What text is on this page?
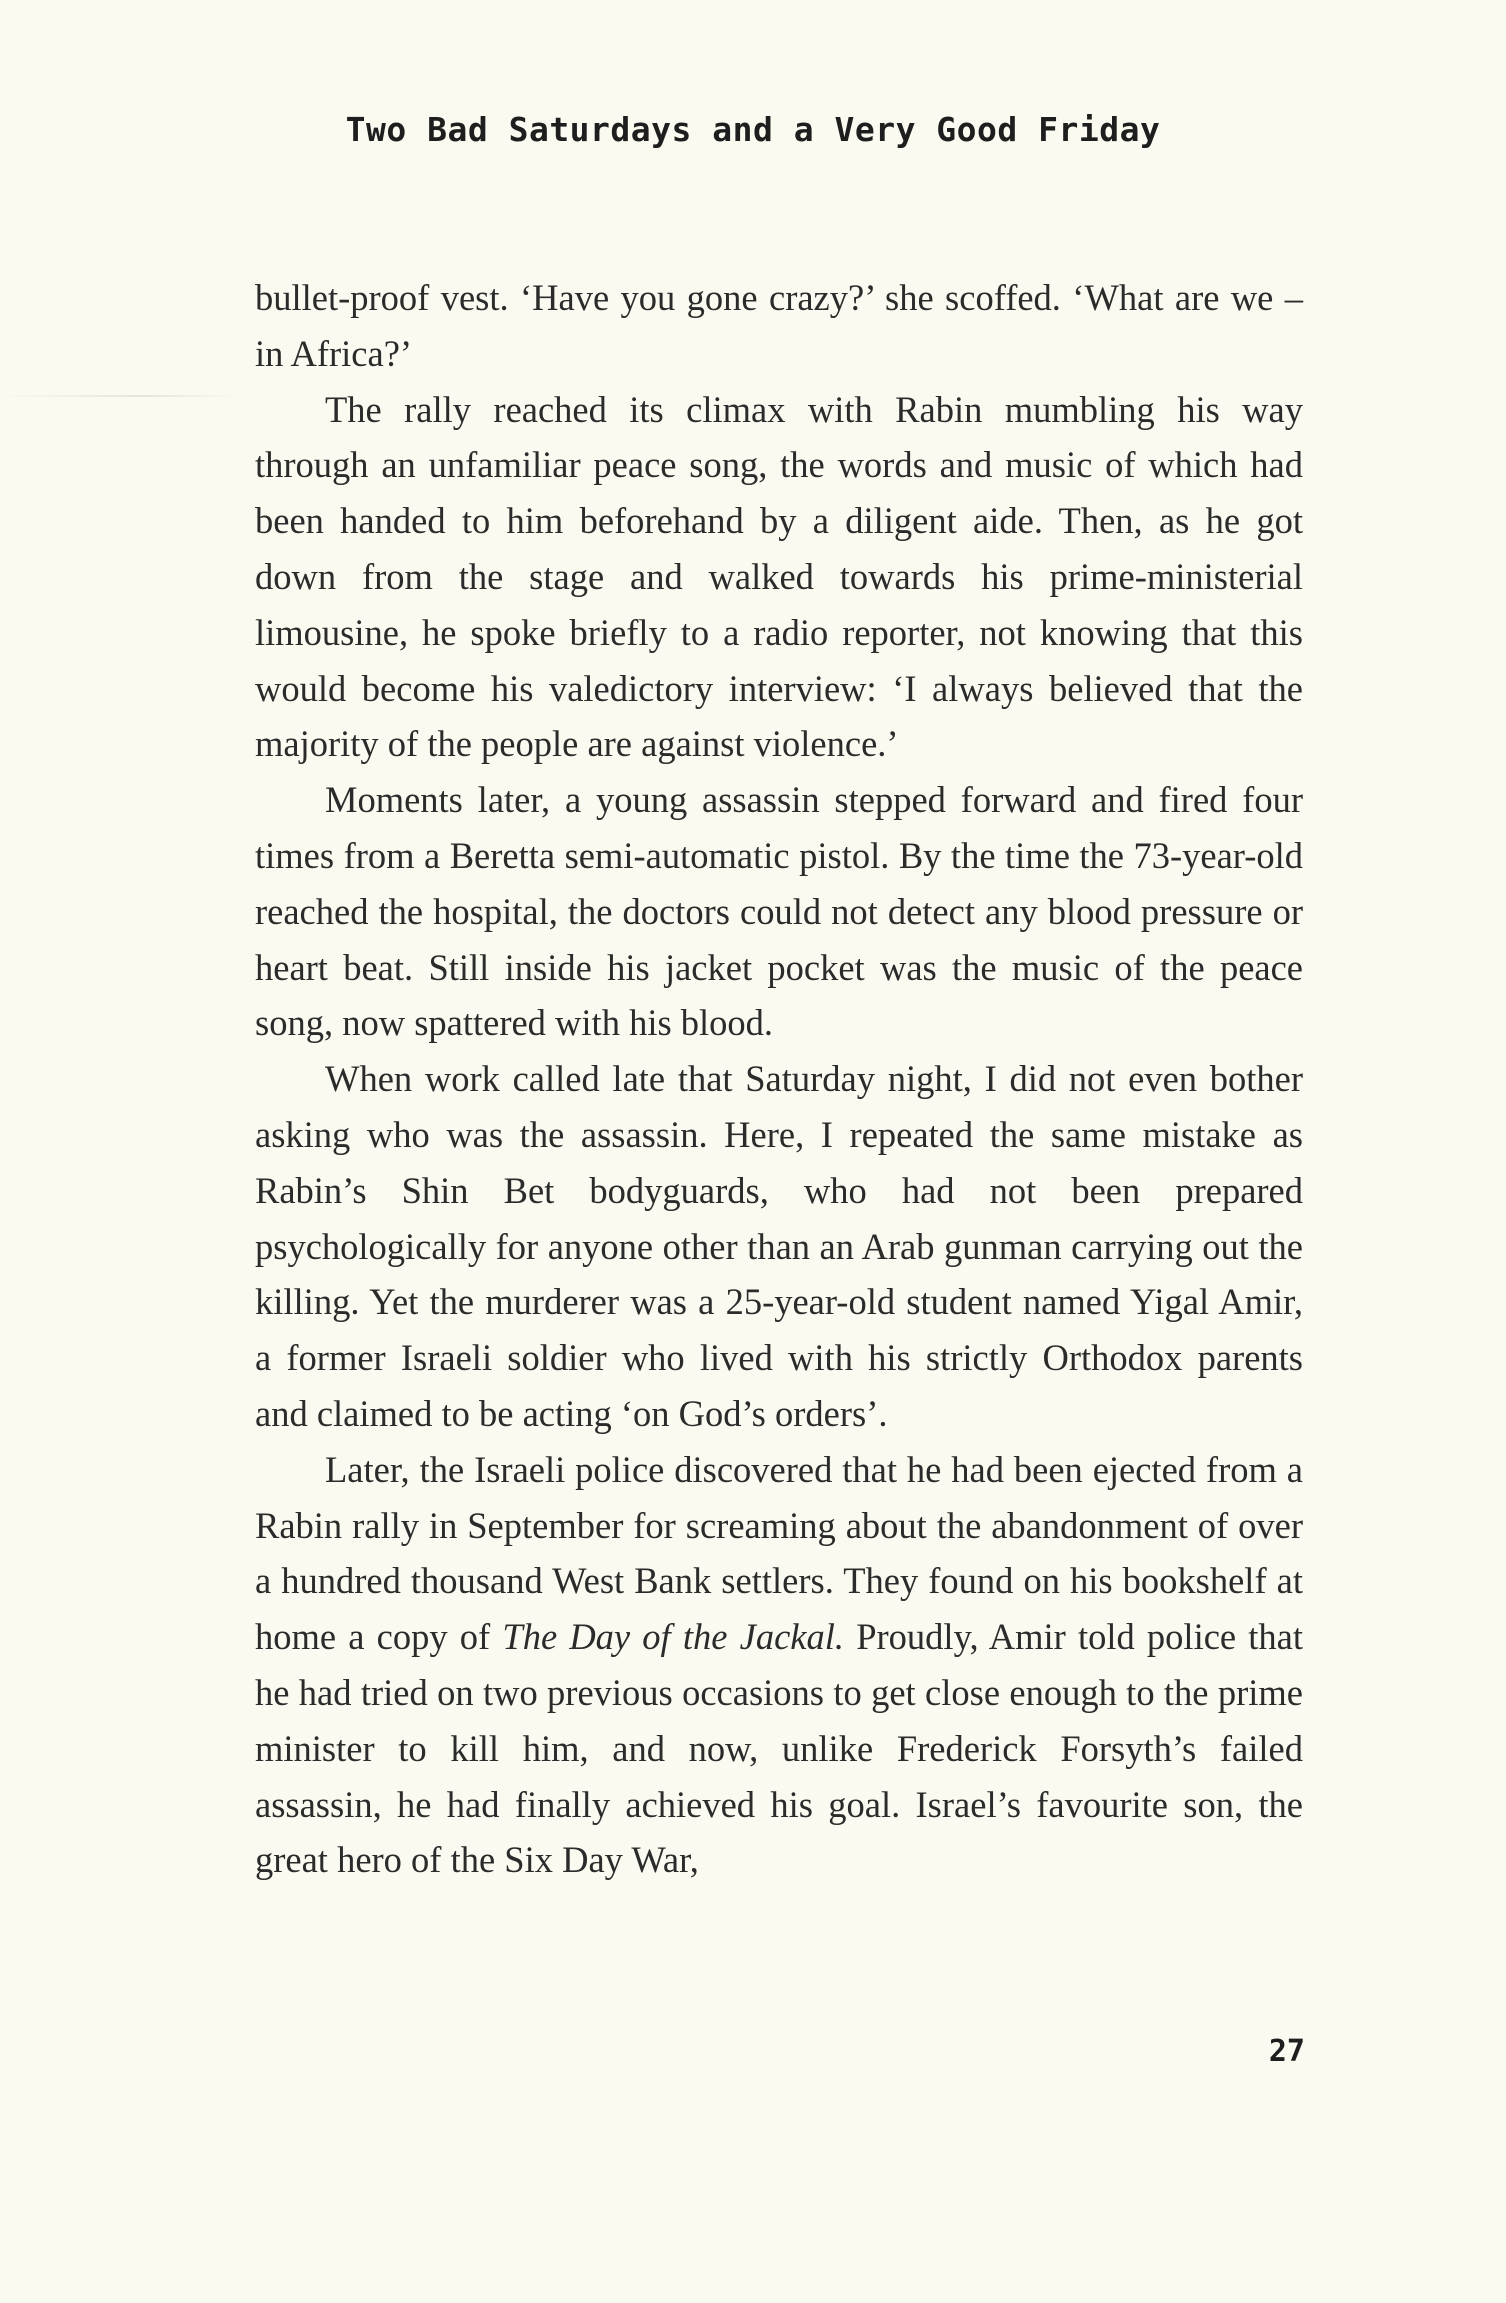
Two Bad Saturdays and a Very Good Friday

bullet-proof vest. ‘Have you gone crazy?’ she scoffed. ‘What are we – in Africa?’

The rally reached its climax with Rabin mumbling his way through an unfamiliar peace song, the words and music of which had been handed to him beforehand by a diligent aide. Then, as he got down from the stage and walked towards his prime-ministerial limousine, he spoke briefly to a radio reporter, not knowing that this would become his valedictory interview: ‘I always believed that the majority of the people are against violence.’

Moments later, a young assassin stepped forward and fired four times from a Beretta semi-automatic pistol. By the time the 73-year-old reached the hospital, the doctors could not detect any blood pressure or heart beat. Still inside his jacket pocket was the music of the peace song, now spattered with his blood.

When work called late that Saturday night, I did not even bother asking who was the assassin. Here, I repeated the same mistake as Rabin’s Shin Bet bodyguards, who had not been prepared psychologically for anyone other than an Arab gunman carrying out the killing. Yet the murderer was a 25-year-old student named Yigal Amir, a former Israeli soldier who lived with his strictly Orthodox parents and claimed to be acting ‘on God’s orders’.

Later, the Israeli police discovered that he had been ejected from a Rabin rally in September for screaming about the abandonment of over a hundred thousand West Bank settlers. They found on his bookshelf at home a copy of The Day of the Jackal. Proudly, Amir told police that he had tried on two previous occasions to get close enough to the prime minister to kill him, and now, unlike Frederick Forsyth’s failed assassin, he had finally achieved his goal. Israel’s favourite son, the great hero of the Six Day War,

27
